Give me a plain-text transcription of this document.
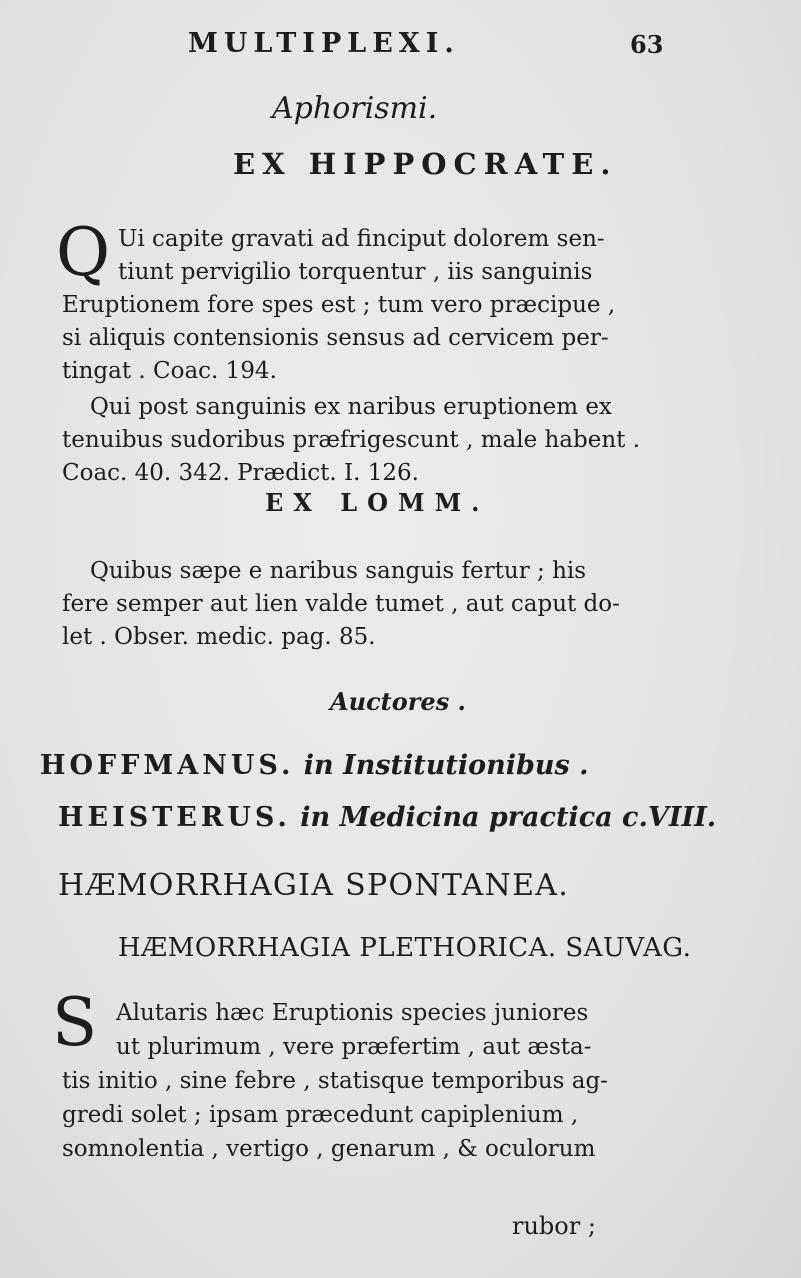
MULTIPLEXI.	63
Aphorismi.
EX HIPPOCRATE.
Q Ui capite gravati ad finciput dolorem sen-
tiunt pervigilio torquentur , iis sanguinis
Eruptionem fore spes est ; tum vero præcipue ,
si aliquis contensionis sensus ad cervicem per-
tingat . Coac. 194.
Qui post sanguinis ex naribus eruptionem ex
tenuibus sudoribus præfrigescunt , male habent .
Coac. 40. 342. Prædict. I. 126.
EX LOMM.
Quibus sæpe e naribus sanguis fertur ; his
fere semper aut lien valde tumet , aut caput do-
let . Obser. medic. pag. 85.
Auctores .
HOFFMANUS. in Institutionibus .
HEISTERUS. in Medicina practica c.VIII.
HÆMORRHAGIA SPONTANEA.
HÆMORRHAGIA PLETHORICA. SAUVAG.
S Alutaris hæc Eruptionis species juniores
ut plurimum , vere præfertim , aut æsta-
tis initio , sine febre , statisque temporibus ag-
gredi solet ; ipsam præcedunt capiplenium ,
somnolentia , vertigo , genarum , & oculorum
rubor ;
